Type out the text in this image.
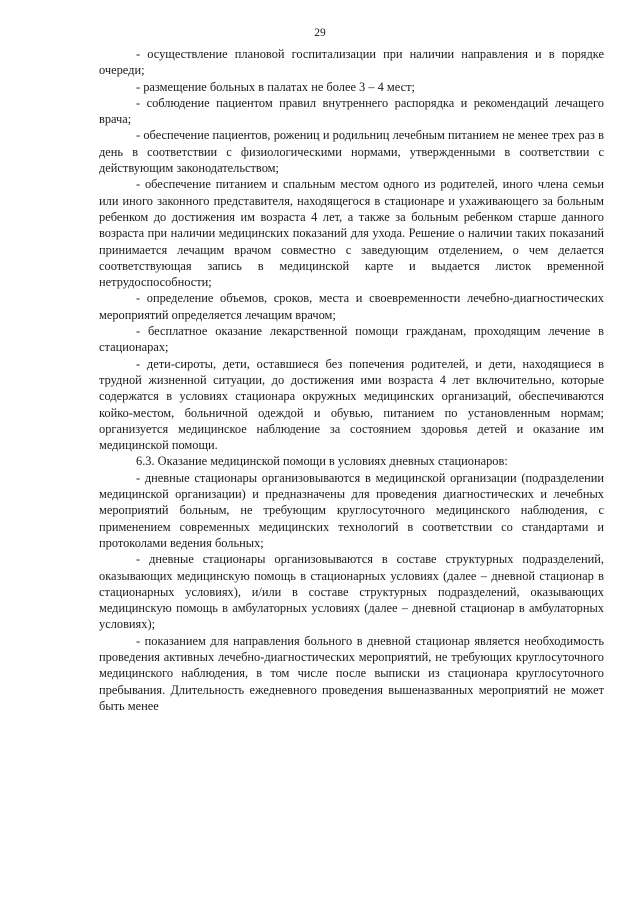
29

- осуществление плановой госпитализации при наличии направления и в порядке очереди;

- размещение больных в палатах не более 3 – 4 мест;

- соблюдение пациентом правил внутреннего распорядка и рекомендаций лечащего врача;

- обеспечение пациентов, рожениц и родильниц лечебным питанием не менее трех раз в день в соответствии с физиологическими нормами, утвержденными в соответствии с действующим законодательством;

- обеспечение питанием и спальным местом одного из родителей, иного члена семьи или иного законного представителя, находящегося в стационаре и ухаживающего за больным ребенком до достижения им возраста 4 лет, а также за больным ребенком старше данного возраста при наличии медицинских показаний для ухода. Решение о наличии таких показаний принимается лечащим врачом совместно с заведующим отделением, о чем делается соответствующая запись в медицинской карте и выдается листок временной нетрудоспособности;

- определение объемов, сроков, места и своевременности лечебно-диагностических мероприятий определяется лечащим врачом;

- бесплатное оказание лекарственной помощи гражданам, проходящим лечение в стационарах;

- дети-сироты, дети, оставшиеся без попечения родителей, и дети, находящиеся в трудной жизненной ситуации, до достижения ими возраста 4 лет включительно, которые содержатся в условиях стационара окружных медицинских организаций, обеспечиваются койко-местом, больничной одеждой и обувью, питанием по установленным нормам; организуется медицинское наблюдение за состоянием здоровья детей и оказание им медицинской помощи.

6.3. Оказание медицинской помощи в условиях дневных стационаров:

- дневные стационары организовываются в медицинской организации (подразделении медицинской организации) и предназначены для проведения диагностических и лечебных мероприятий больным, не требующим круглосуточного медицинского наблюдения, с применением современных медицинских технологий в соответствии со стандартами и протоколами ведения больных;

- дневные стационары организовываются в составе структурных подразделений, оказывающих медицинскую помощь в стационарных условиях (далее – дневной стационар в стационарных условиях), и/или в составе структурных подразделений, оказывающих медицинскую помощь в амбулаторных условиях (далее – дневной стационар в амбулаторных условиях);

- показанием для направления больного в дневной стационар является необходимость проведения активных лечебно-диагностических мероприятий, не требующих круглосуточного медицинского наблюдения, в том числе после выписки из стационара круглосуточного пребывания. Длительность ежедневного проведения вышеназванных мероприятий не может быть менее
